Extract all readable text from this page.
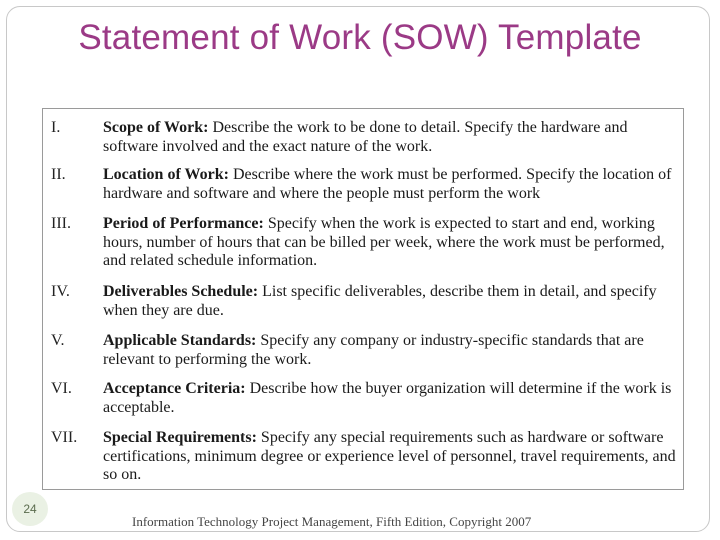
Statement of Work (SOW) Template
I.	Scope of Work: Describe the work to be done to detail. Specify the hardware and software involved and the exact nature of the work.
II. Location of Work: Describe where the work must be performed. Specify the location of hardware and software and where the people must perform the work
III. Period of Performance: Specify when the work is expected to start and end, working hours, number of hours that can be billed per week, where the work must be performed, and related schedule information.
IV. Deliverables Schedule: List specific deliverables, describe them in detail, and specify when they are due.
V. Applicable Standards: Specify any company or industry-specific standards that are relevant to performing the work.
VI. Acceptance Criteria: Describe how the buyer organization will determine if the work is acceptable.
VII. Special Requirements: Specify any special requirements such as hardware or software certifications, minimum degree or experience level of personnel, travel requirements, and so on.
24
Information Technology Project Management, Fifth Edition, Copyright 2007
